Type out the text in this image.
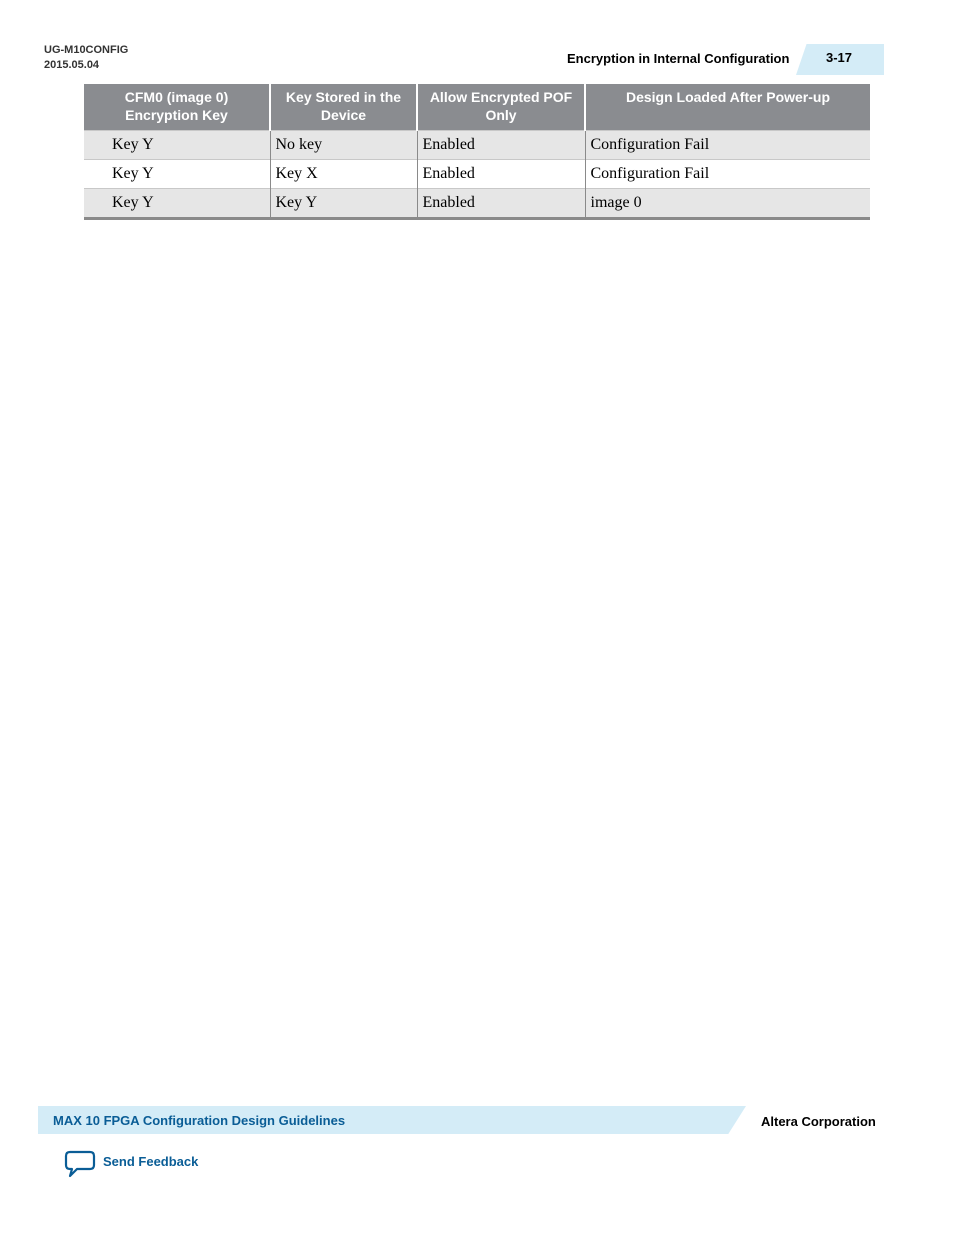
UG-M10CONFIG
2015.05.04	Encryption in Internal Configuration	3-17
CFM0 (image 0) Encryption Key	Key Stored in the Device	Allow Encrypted POF Only	Design Loaded After Power-up
Key Y	No key	Enabled	Configuration Fail
Key Y	Key X	Enabled	Configuration Fail
Key Y	Key Y	Enabled	image 0
MAX 10 FPGA Configuration Design Guidelines	Altera Corporation
Send Feedback
